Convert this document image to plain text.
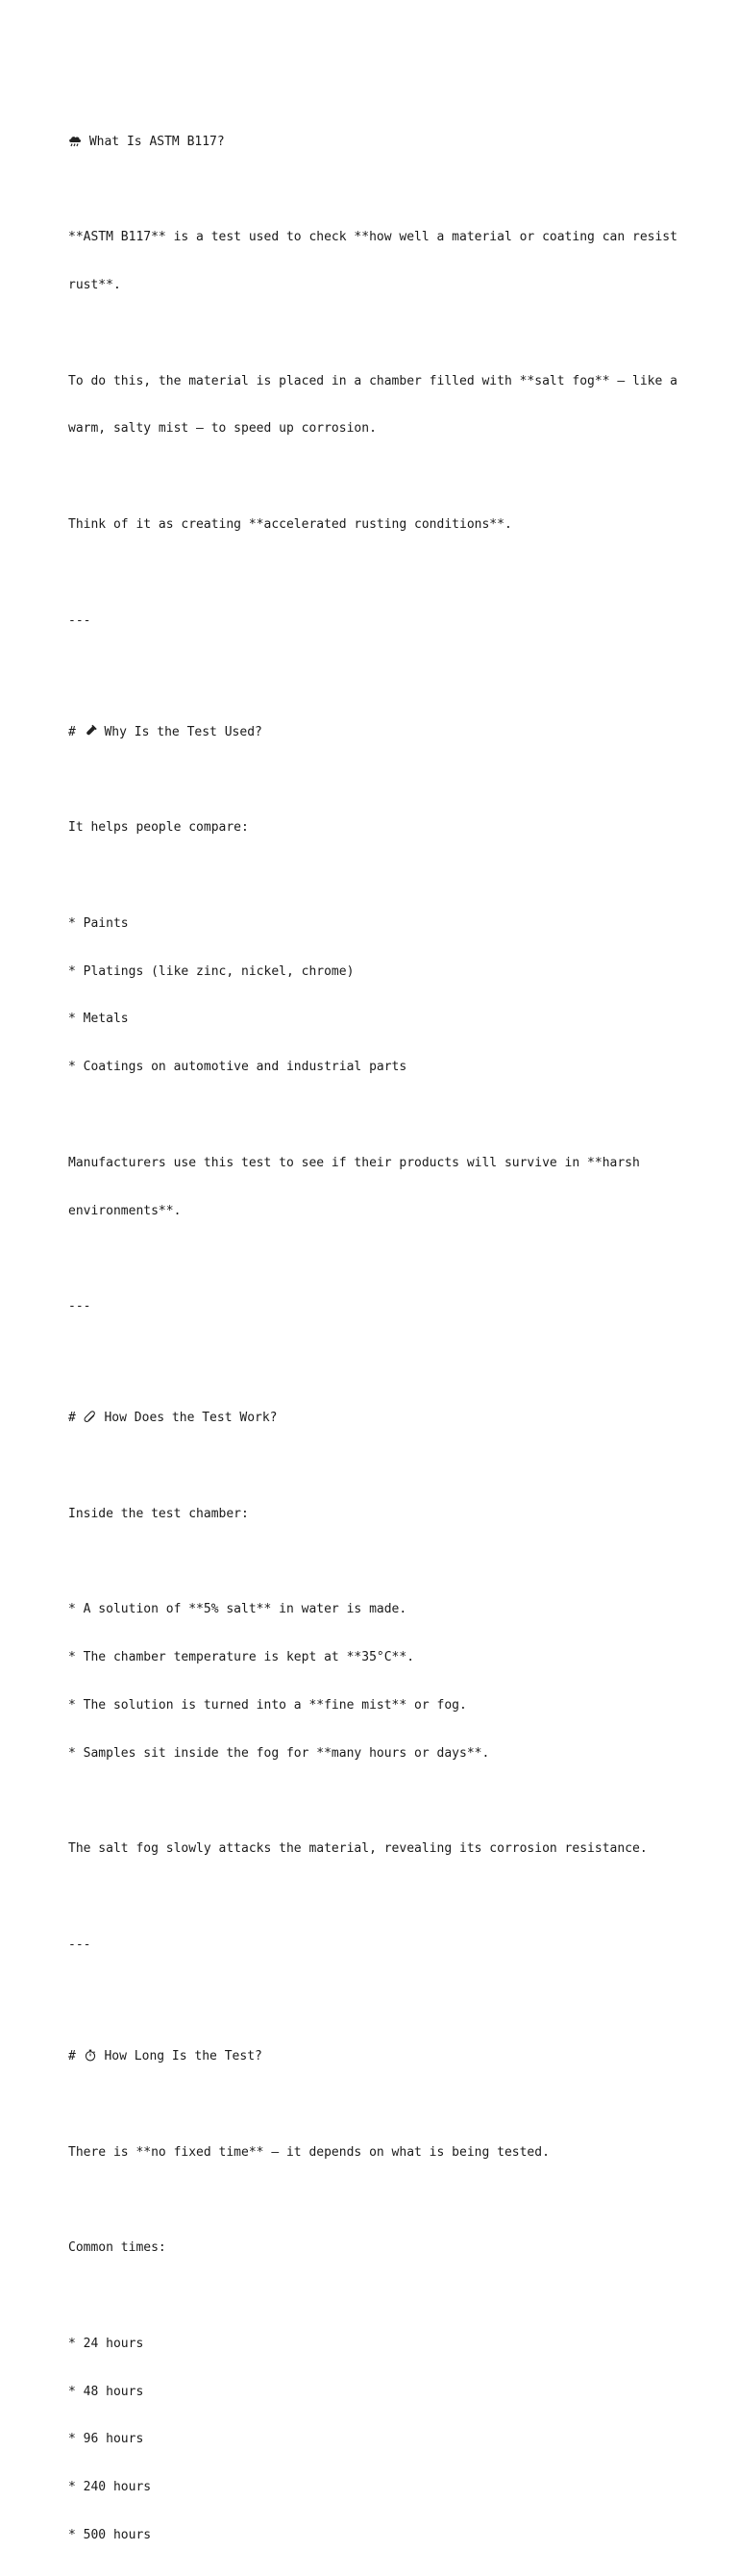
What Is ASTM B117?

**ASTM B117** is a test used to check **how well a material or coating can resist

rust**.

To do this, the material is placed in a chamber filled with **salt fog** — like a

warm, salty mist — to speed up corrosion.

Think of it as creating **accelerated rusting conditions**.

---

#
Why Is the Test Used?

It helps people compare:

* Paints

* Platings (like zinc, nickel, chrome)

* Metals

* Coatings on automotive and industrial parts

Manufacturers use this test to see if their products will survive in **harsh

environments**.

---

#
How Does the Test Work?

Inside the test chamber:

* A solution of **5% salt** in water is made.

* The chamber temperature is kept at **35°C**.

* The solution is turned into a **fine mist** or fog.

* Samples sit inside the fog for **many hours or days**.

The salt fog slowly attacks the material, revealing its corrosion resistance.

---

#
How Long Is the Test?

There is **no fixed time** — it depends on what is being tested.

Common times:

* 24 hours

* 48 hours

* 96 hours

* 240 hours

* 500 hours
